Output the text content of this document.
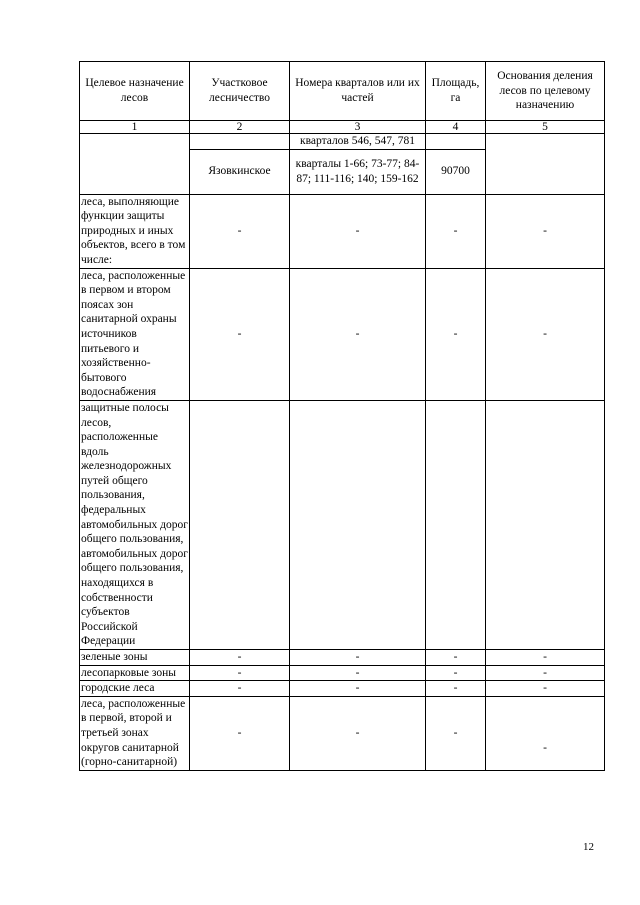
Целевое назначение лесов	Участковое лесничество	Номера кварталов или их частей	Площадь, га	Основания деления лесов по целевому назначению
1	2	3	4	5
		кварталов 546, 547, 781		
	Язовкинское	кварталы 1-66; 73-77; 84-87; 111-116; 140; 159-162	90700	
леса, выполняющие функции защиты природных и иных объектов, всего в том числе:	-	-	-	-
леса, расположенные в первом и втором поясах зон санитарной охраны источников питьевого и хозяйственно-бытового водоснабжения	-	-	-	-
защитные полосы лесов, расположенные вдоль железнодорожных путей общего пользования, федеральных автомобильных дорог общего пользования, автомобильных дорог общего пользования, находящихся в собственности субъектов Российской Федерации				
зеленые зоны	-	-	-	-
лесопарковые зоны	-	-	-	-
городские леса	-	-	-	-
леса, расположенные в первой, второй и третьей зонах округов санитарной (горно-санитарной)	-	-	-	-
12
